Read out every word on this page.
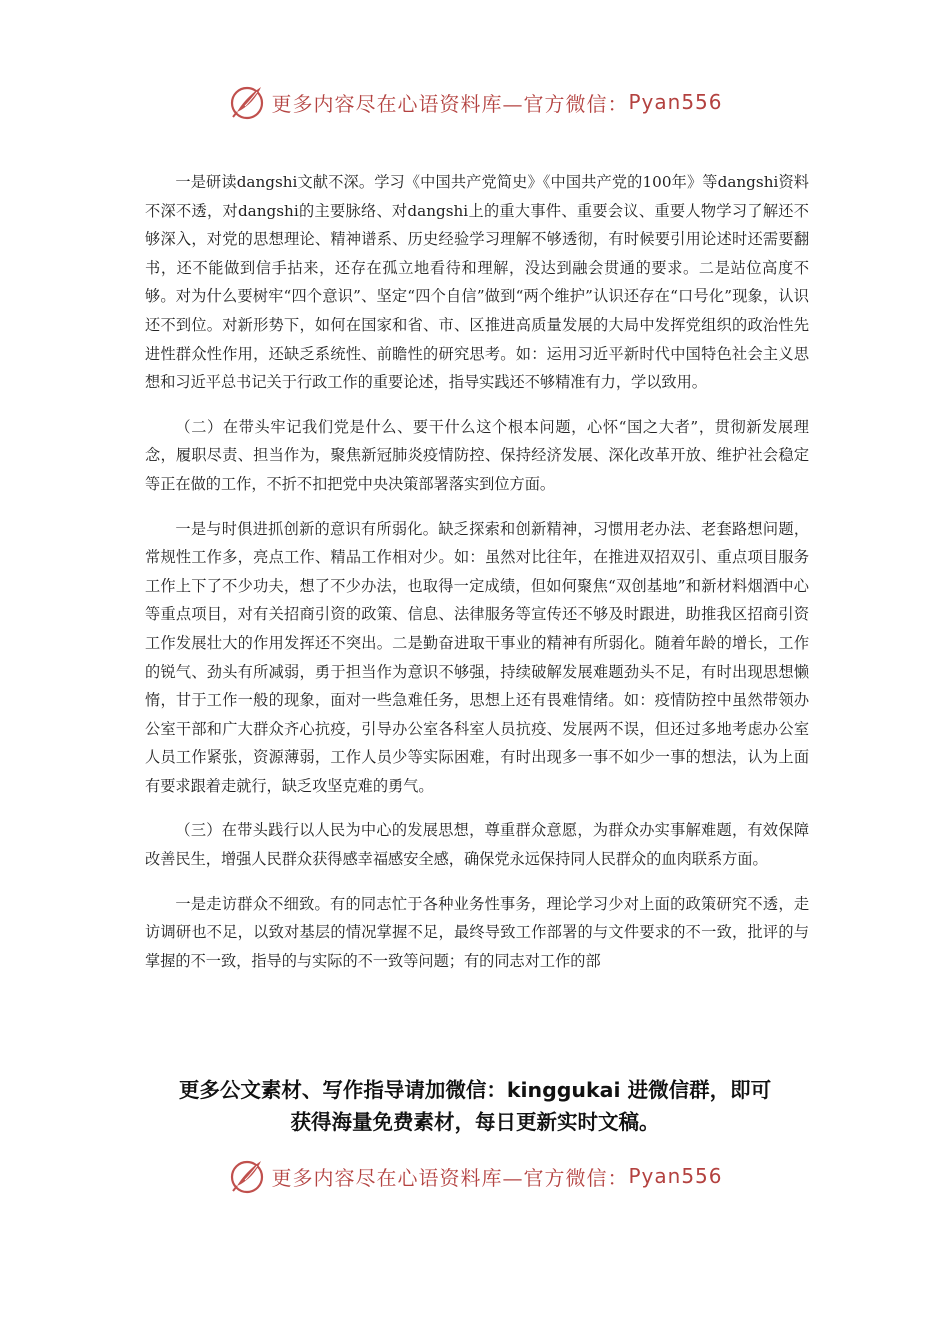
更多内容尽在心语资料库—官方微信： Pyan556

一是研读dangshi文献不深。学习《中国共产党简史》《中国共产党的100年》等dangshi资料不深不透，对dangshi的主要脉络、对dangshi上的重大事件、重要会议、重要人物学习了解还不够深入，对党的思想理论、精神谱系、历史经验学习理解不够透彻，有时候要引用论述时还需要翻书，还不能做到信手拈来，还存在孤立地看待和理解，没达到融会贯通的要求。二是站位高度不够。对为什么要树牢“四个意识”、坚定“四个自信”做到“两个维护”认识还存在“口号化”现象，认识还不到位。对新形势下，如何在国家和省、市、区推进高质量发展的大局中发挥党组织的政治性先进性群众性作用，还缺乏系统性、前瞻性的研究思考。如：运用习近平新时代中国特色社会主义思想和习近平总书记关于行政工作的重要论述，指导实践还不够精准有力，学以致用。

（二）在带头牢记我们党是什么、要干什么这个根本问题，心怀“国之大者”，贯彻新发展理念，履职尽责、担当作为，聚焦新冠肺炎疫情防控、保持经济发展、深化改革开放、维护社会稳定等正在做的工作，不折不扣把党中央决策部署落实到位方面。

一是与时俱进抓创新的意识有所弱化。缺乏探索和创新精神，习惯用老办法、老套路想问题，常规性工作多，亮点工作、精品工作相对少。如：虽然对比往年，在推进双招双引、重点项目服务工作上下了不少功夫，想了不少办法，也取得一定成绩，但如何聚焦“双创基地”和新材料烟酒中心等重点项目，对有关招商引资的政策、信息、法律服务等宣传还不够及时跟进，助推我区招商引资工作发展壮大的作用发挥还不突出。二是勤奋进取干事业的精神有所弱化。随着年龄的增长，工作的锐气、劲头有所减弱，勇于担当作为意识不够强，持续破解发展难题劲头不足，有时出现思想懒惰，甘于工作一般的现象，面对一些急难任务，思想上还有畏难情绪。如：疫情防控中虽然带领办公室干部和广大群众齐心抗疫，引导办公室各科室人员抗疫、发展两不误，但还过多地考虑办公室人员工作紧张，资源薄弱，工作人员少等实际困难，有时出现多一事不如少一事的想法，认为上面有要求跟着走就行，缺乏攻坚克难的勇气。

（三）在带头践行以人民为中心的发展思想，尊重群众意愿，为群众办实事解难题，有效保障改善民生，增强人民群众获得感幸福感安全感，确保党永远保持同人民群众的血肉联系方面。

一是走访群众不细致。有的同志忙于各种业务性事务，理论学习少对上面的政策研究不透，走访调研也不足，以致对基层的情况掌握不足，最终导致工作部署的与文件要求的不一致，批评的与掌握的不一致，指导的与实际的不一致等问题；有的同志对工作的部

更多公文素材、写作指导请加微信：kinggukai 进微信群，即可
获得海量免费素材，每日更新实时文稿。
更多内容尽在心语资料库—官方微信： Pyan556
